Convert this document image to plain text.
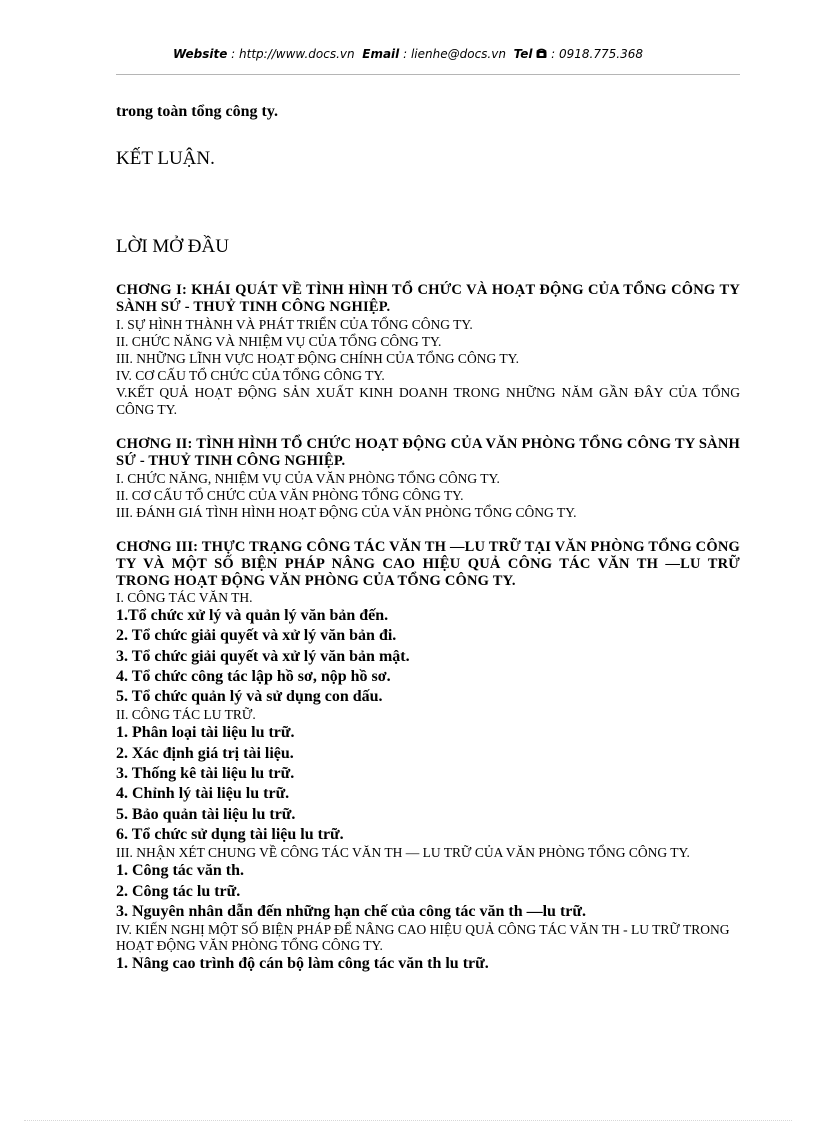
Website : http://www.docs.vn Email : lienhe@docs.vn Tel : 0918.775.368

trong toàn tổng công ty.

KẾT LUẬN.

LỜI MỞ ĐẦU

CHƠNG I: KHÁI QUÁT VỀ TÌNH HÌNH TỔ CHỨC VÀ HOẠT ĐỘNG CỦA TỔNG CÔNG TY SÀNH SỨ - THUỶ TINH CÔNG NGHIỆP.

I. SỰ HÌNH THÀNH VÀ PHÁT TRIỂN CỦA TỔNG CÔNG TY.

II. CHỨC NĂNG VÀ NHIỆM VỤ CỦA TỔNG CÔNG TY.

III. NHỮNG LĨNH VỰC HOẠT ĐỘNG CHÍNH CỦA TỔNG CÔNG TY.

IV. CƠ CẤU TỔ CHỨC CỦA TỔNG CÔNG TY.

V.KẾT QUẢ HOẠT ĐỘNG SẢN XUẤT KINH DOANH TRONG NHỮNG NĂM GẦN ĐÂY CỦA TỔNG CÔNG TY.

CHƠNG II: TÌNH HÌNH TỔ CHỨC HOẠT ĐỘNG CỦA VĂN PHÒNG TỔNG CÔNG TY SÀNH SỨ - THUỶ TINH CÔNG NGHIỆP.

I. CHỨC NĂNG, NHIỆM VỤ CỦA VĂN PHÒNG TỔNG CÔNG TY.

II. CƠ CẤU TỔ CHỨC CỦA VĂN PHÒNG TỔNG CÔNG TY.

III. ĐÁNH GIÁ TÌNH HÌNH HOẠT ĐỘNG CỦA VĂN PHÒNG TỔNG CÔNG TY.

CHƠNG III: THỰC TRẠNG CÔNG TÁC VĂN TH —LU TRỮ TẠI VĂN PHÒNG TỔNG CÔNG TY VÀ MỘT SỐ BIỆN PHÁP NÂNG CAO HIỆU QUẢ CÔNG TÁC VĂN TH —LU TRỮ TRONG HOẠT ĐỘNG VĂN PHÒNG CỦA TỔNG CÔNG TY.

I. CÔNG TÁC VĂN TH.

1.Tổ chức xử lý và quản lý văn bản đến.

2. Tổ chức giải quyết và xử lý văn bản đi.

3. Tổ chức giải quyết và xử lý văn bản mật.

4. Tổ chức công tác lập hồ sơ, nộp hồ sơ.

5. Tổ chức quản lý và sử dụng con dấu.

II. CÔNG TÁC LU TRỮ.

1. Phân loại tài liệu lu trữ.

2. Xác định giá trị tài liệu.

3. Thống kê tài liệu lu trữ.

4. Chỉnh lý tài liệu lu trữ.

5. Bảo quản tài liệu lu trữ.

6. Tổ chức sử dụng tài liệu lu trữ.

III. NHẬN XÉT CHUNG VỀ CÔNG TÁC VĂN TH — LU TRỮ CỦA VĂN PHÒNG TỔNG CÔNG TY.

1. Công tác văn th.

2. Công tác lu trữ.

3. Nguyên nhân dẫn đến những hạn chế của công tác văn th —lu trữ.

IV. KIẾN NGHỊ MỘT SỐ BIỆN PHÁP ĐỂ NÂNG CAO HIỆU QUẢ CÔNG TÁC VĂN TH - LU TRỮ TRONG HOẠT ĐỘNG VĂN PHÒNG TỔNG CÔNG TY.

1. Nâng cao trình độ cán bộ làm công tác văn th lu trữ.
